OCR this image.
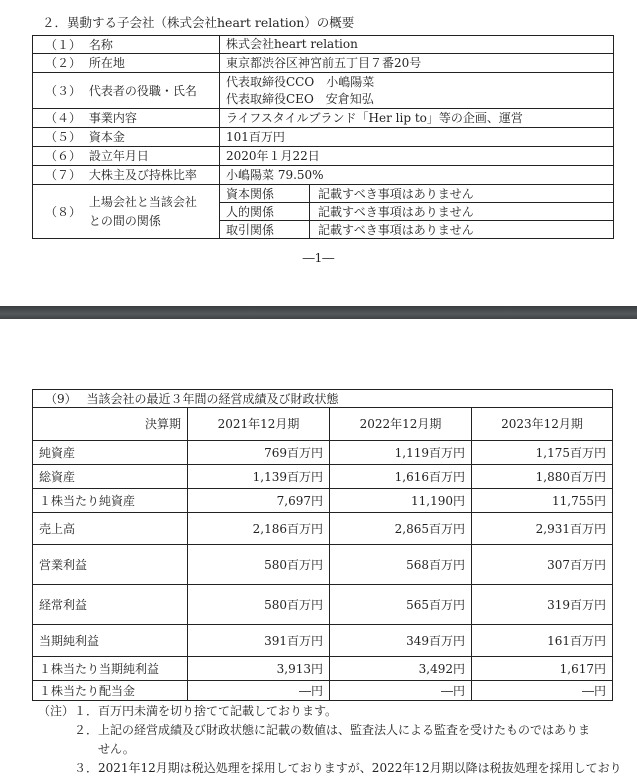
２．異動する子会社（株式会社heart relation）の概要
（１） 名称	株式会社heart relation	
（２） 所在地	東京都渋谷区神宮前五丁目７番20号	
（３） 代表者の役職・氏名	代表取締役CCO　小嶋陽菜
代表取締役CEO　安倉知弘	
（４） 事業内容	ライフスタイルブランド「Her lip to」等の企画、運営	
（５） 資本金	101百万円	
（６） 設立年月日	2020年１月22日	
（７） 大株主及び持株比率	小嶋陽菜 79.50%	
（８） 上場会社と当該会社
との間の関係	資本関係	記載すべき事項はありません
	人的関係	記載すべき事項はありません
	取引関係	記載すべき事項はありません
―1―
（9）　 当該会社の最近３年間の経営成績及び財政状態			
決算期	2021年12月期	2022年12月期	2023年12月期
純資産	769百万円	1,119百万円	1,175百万円
総資産	1,139百万円	1,616百万円	1,880百万円
１株当たり純資産	7,697円	11,190円	11,755円
売上高	2,186百万円	2,865百万円	2,931百万円
営業利益	580百万円	568百万円	307百万円
経常利益	580百万円	565百万円	319百万円
当期純利益	391百万円	349百万円	161百万円
１株当たり当期純利益	3,913円	3,492円	1,617円
１株当たり配当金	―円	―円	―円
（注）１．百万円未満を切り捨てて記載しております。
　　　２．上記の経営成績及び財政状態に記載の数値は、監査法人による監査を受けたものではありま
　　　　　せん。
　　　３．2021年12月期は税込処理を採用しておりますが、2022年12月期以降は税抜処理を採用しており
